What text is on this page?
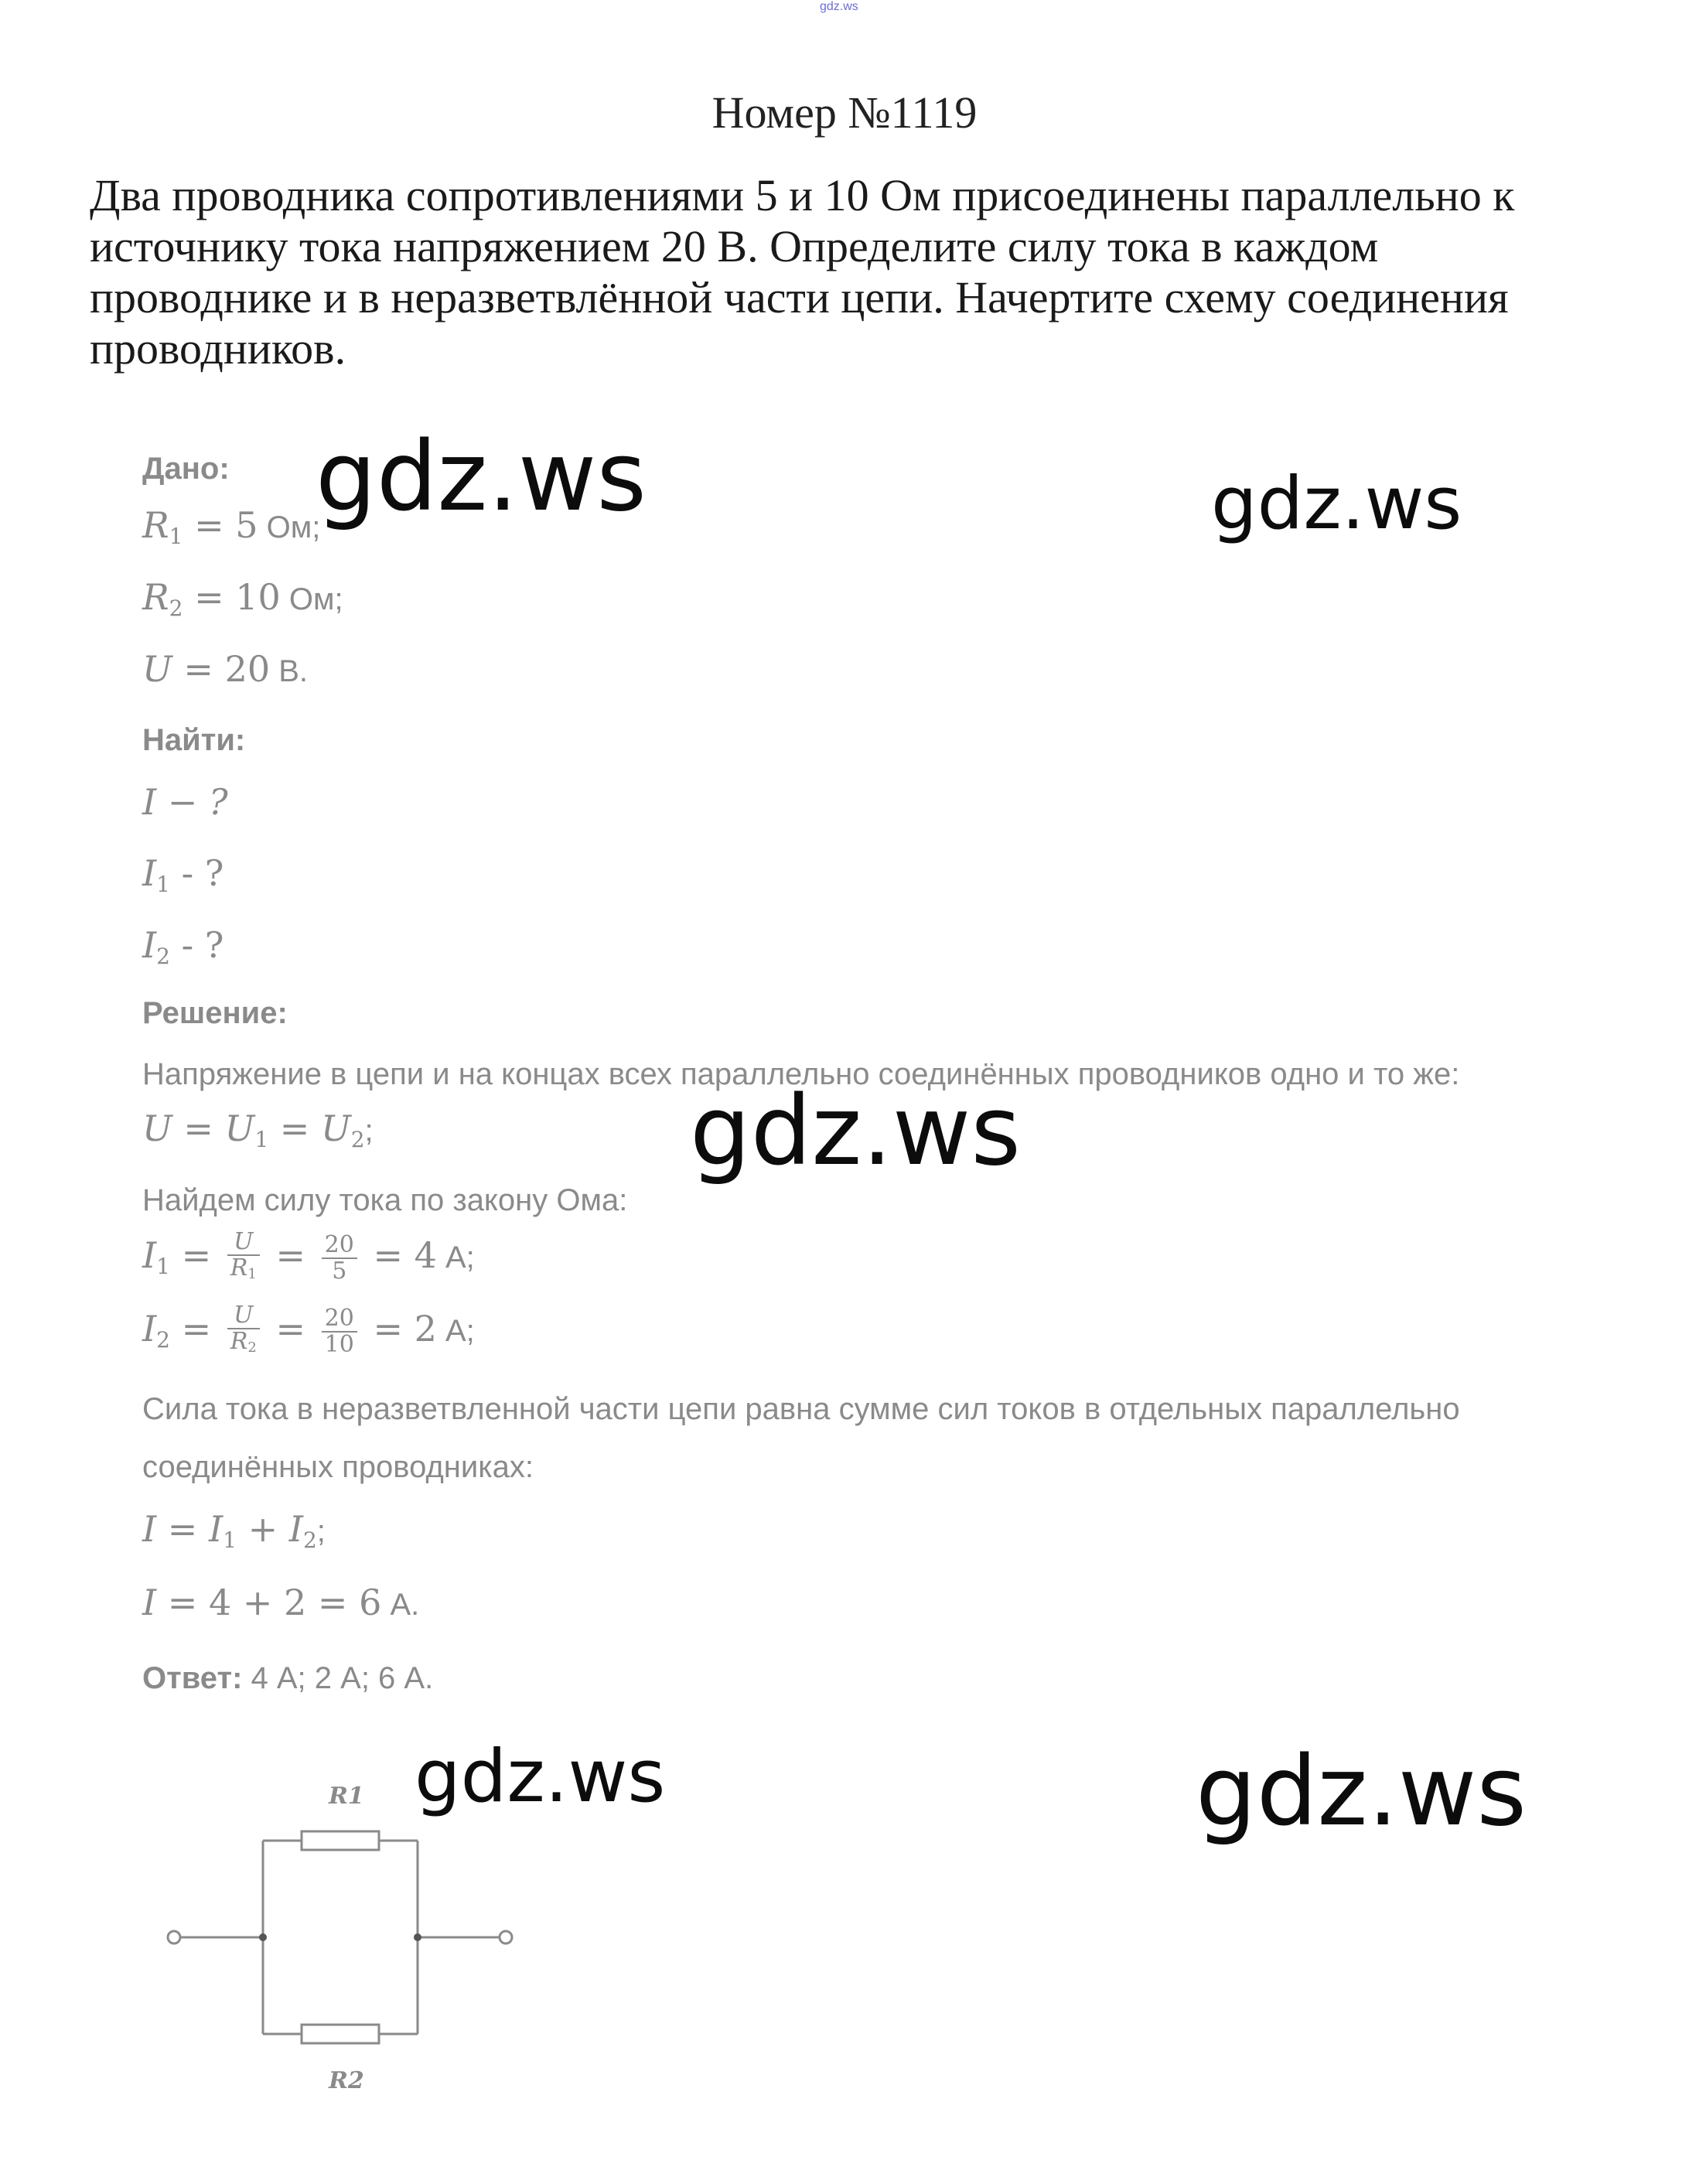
gdz.ws
Номер №1119

Два проводника сопротивлениями 5 и 10 Ом присоединены параллельно к

источнику тока напряжением 20 В. Определите силу тока в каждом

проводнике и в неразветвлённой части цепи. Начертите схему соединения

проводников.

Дано:
$R_1 = 5$ Ом;
$R_2 = 10$ Ом;
U = 20 В.
Найти:
I − ?
$I_1$ - ?
$I_2$ - ?
Решение:
Напряжение в цепи и на концах всех параллельно соединённых проводников одно и то же:
$U = U_1 = U_2$;
Найдем силу тока по закону Ома:
$I_1 = \frac{U}{R_1} = \frac{20}{5} = 4$ А;
$I_2 = \frac{U}{R_2} = \frac{20}{10} = 2$ А;
Сила тока в неразветвленной части цепи равна сумме сил токов в отдельных параллельно
соединённых проводниках:
$I = I_1 + I_2$;
I = 4 + 2 = 6 А.
Ответ: 4 А; 2 А; 6 А.
R1
R2
gdz.ws	gdz.ws
gdz.ws
gdz.ws	gdz.ws
